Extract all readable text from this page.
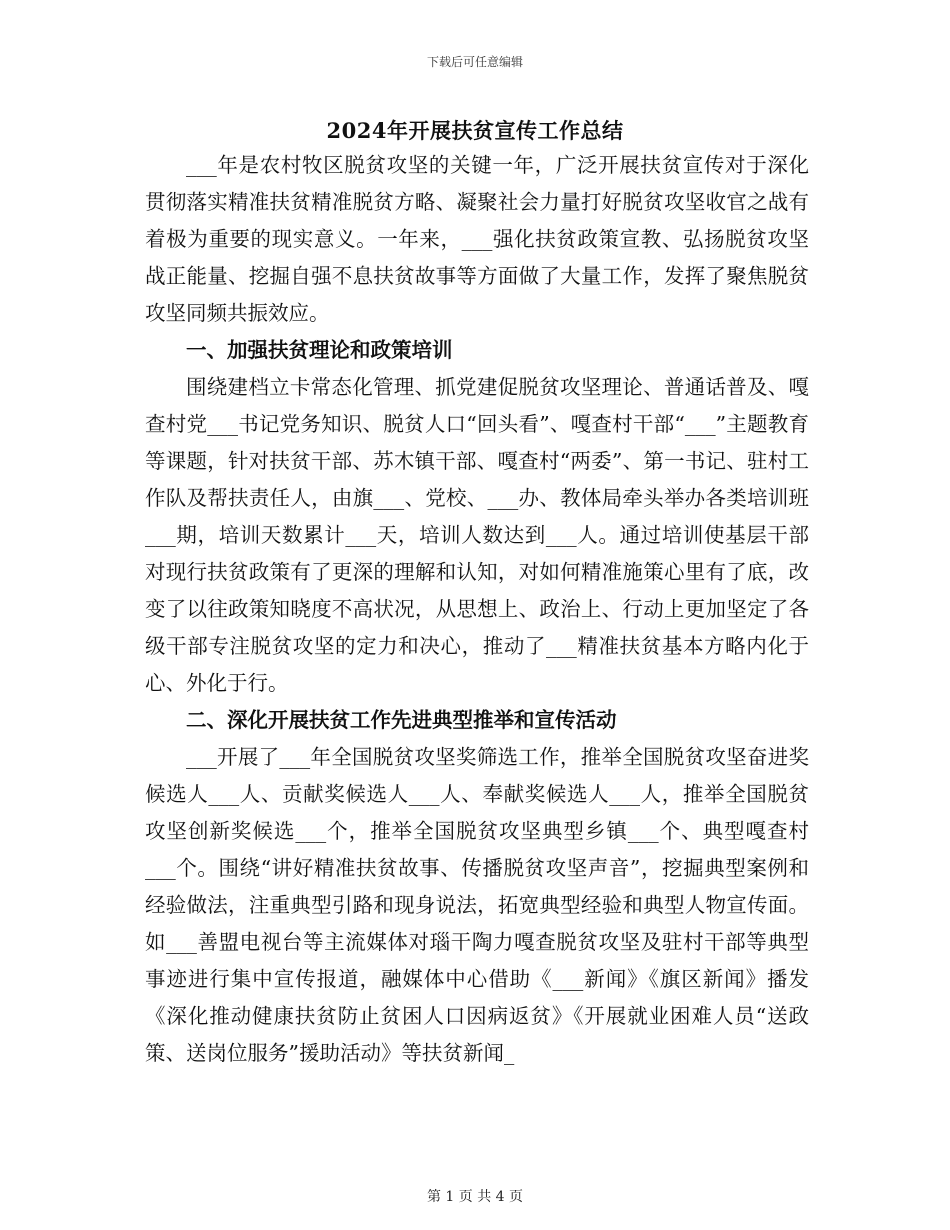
下载后可任意编辑
2024年开展扶贫宣传工作总结

___年是农村牧区脱贫攻坚的关键一年，广泛开展扶贫宣传对于深化贯彻落实精准扶贫精准脱贫方略、凝聚社会力量打好脱贫攻坚收官之战有着极为重要的现实意义。一年来，___强化扶贫政策宣教、弘扬脱贫攻坚战正能量、挖掘自强不息扶贫故事等方面做了大量工作，发挥了聚焦脱贫攻坚同频共振效应。

一、加强扶贫理论和政策培训

围绕建档立卡常态化管理、抓党建促脱贫攻坚理论、普通话普及、嘎查村党___书记党务知识、脱贫人口“回头看”、嘎查村干部“___”主题教育等课题，针对扶贫干部、苏木镇干部、嘎查村“两委”、第一书记、驻村工作队及帮扶责任人，由旗___、党校、___办、教体局牵头举办各类培训班___期，培训天数累计___天，培训人数达到___人。通过培训使基层干部对现行扶贫政策有了更深的理解和认知，对如何精准施策心里有了底，改变了以往政策知晓度不高状况，从思想上、政治上、行动上更加坚定了各级干部专注脱贫攻坚的定力和决心，推动了___精准扶贫基本方略内化于心、外化于行。

二、深化开展扶贫工作先进典型推举和宣传活动

___开展了___年全国脱贫攻坚奖筛选工作，推举全国脱贫攻坚奋进奖候选人___人、贡献奖候选人___人、奉献奖候选人___人，推举全国脱贫攻坚创新奖候选___个，推举全国脱贫攻坚典型乡镇___个、典型嘎查村___个。围绕“讲好精准扶贫故事、传播脱贫攻坚声音”，挖掘典型案例和经验做法，注重典型引路和现身说法，拓宽典型经验和典型人物宣传面。如___善盟电视台等主流媒体对瑙干陶力嘎查脱贫攻坚及驻村干部等典型事迹进行集中宣传报道，融媒体中心借助《___新闻》《旗区新闻》播发《深化推动健康扶贫防止贫困人口因病返贫》《开展就业困难人员“送政策、送岗位服务”援助活动》等扶贫新闻_

第 1 页 共 4 页
